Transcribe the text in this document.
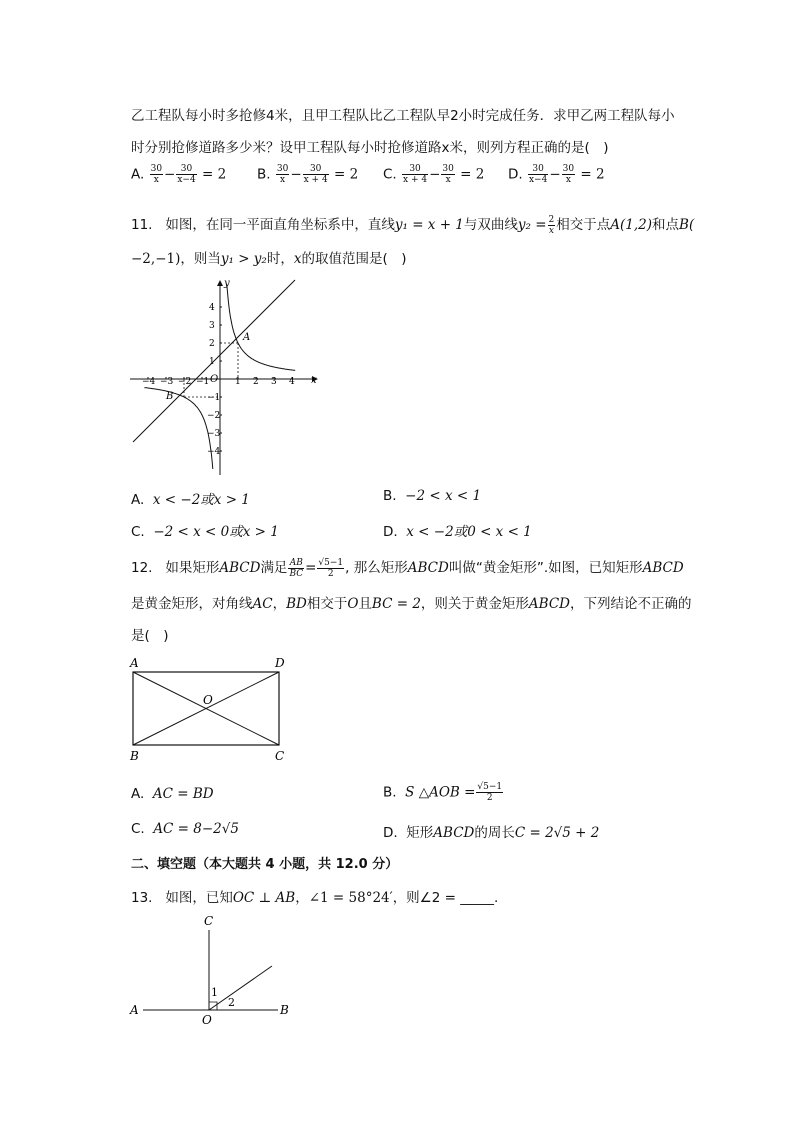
乙工程队每小时多抢修4米，且甲工程队比乙工程队早2小时完成任务．求甲乙两工程队每小
时分别抢修道路多少米？设甲工程队每小时抢修道路x米，则列方程正确的是(　)
A. $\frac{30}{x} - \frac{30}{x-4} = 2$ B. $\frac{30}{x} - \frac{30}{x + 4} = 2$ C. $\frac{30}{x + 4} - \frac{30}{x} = 2$ D. $\frac{30}{x-4} - \frac{30}{x} = 2$
11. 如图，在同一平面直角坐标系中，直线y₁ = x + 1与双曲线$y_2 = \frac{2}{x}$ 相交于点A(1,2)和点B(
−2,−1)，则当y₁ > y₂时，x的取值范围是(　)
y
x
O
A
B
−4 −3 −2 −1	1 2 3 4
4
3
2
1
−1
−2
−3
−4
A. x < −2或x > 1	B. −2 < x < 1
C. −2 < x < 0或x > 1	D. x < −2或0 < x < 1
12. 如果矩形ABCD满足 $\frac{AB}{BC} = \frac{√5-1}{2}$ , 那么矩形ABCD叫做“黄金矩形”.如图，已知矩形ABCD
是黄金矩形，对角线AC，BD相交于O且BC = 2，则关于黄金矩形ABCD，下列结论不正确的
是(　)
A	D
B	C
O
A. AC = BD	B. S △AOB = $\frac{√5-1}{2}$
C. AC = 8−2√5	D. 矩形ABCD的周长C = 2√5 + 2
二、填空题（本大题共 4 小题，共 12.0 分）
13. 如图，已知OC ⊥ AB，∠1 = 58°24′，则∠2 = _____.
C
A
O
B
1
2
